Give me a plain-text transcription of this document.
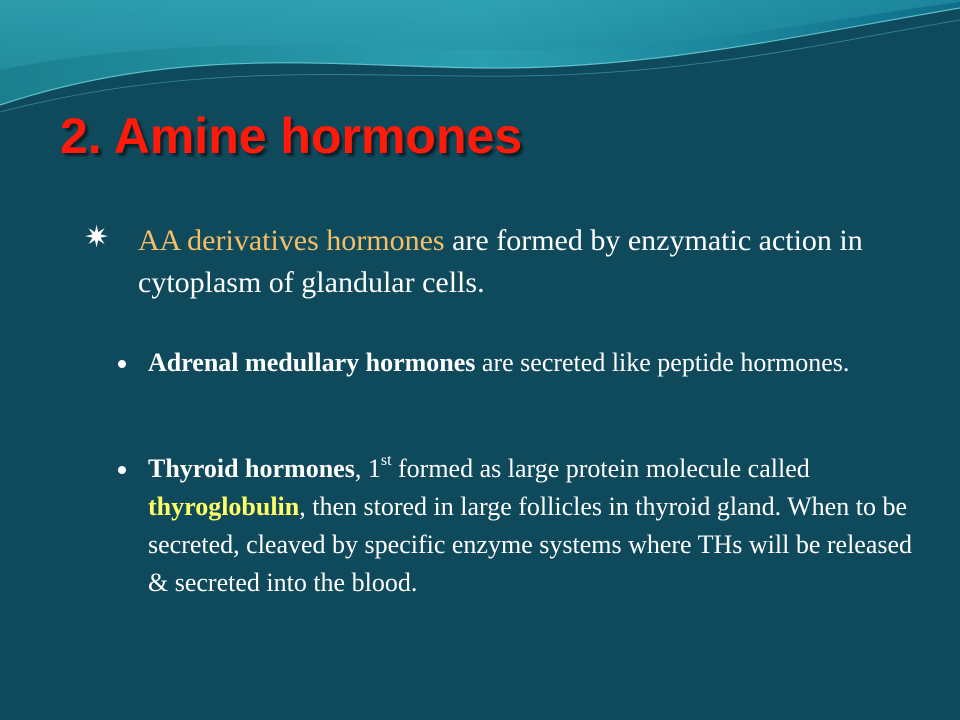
2. Amine hormones
✷ AA derivatives hormones are formed by enzymatic action in cytoplasm of glandular cells.
Adrenal medullary hormones are secreted like peptide hormones.
Thyroid hormones, 1st formed as large protein molecule called thyroglobulin, then stored in large follicles in thyroid gland. When to be secreted, cleaved by specific enzyme systems where THs will be released & secreted into the blood.
